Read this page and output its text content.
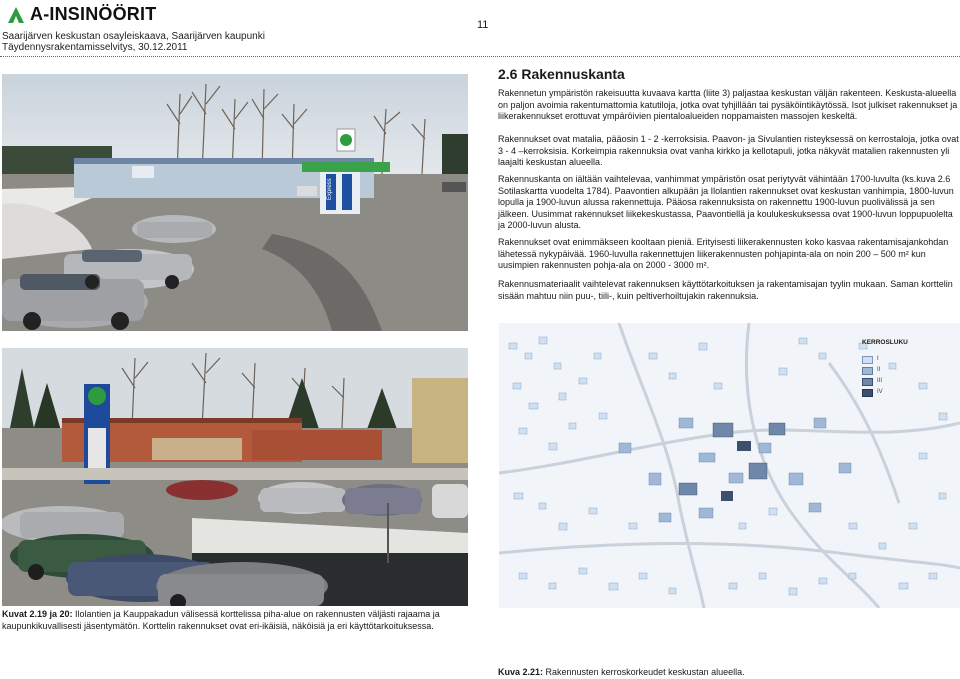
A-INSINÖÖRIT
Saarijärven keskustan osayleiskaava, Saarijärven kaupunki
Täydennysrakentamisselvitys, 30.12.2011
11
Express
2.6 Rakennuskanta

Rakennetun ympäristön rakeisuutta kuvaava kartta (liite 3) paljastaa keskustan väljän rakenteen. Keskusta-alueella on paljon avoimia rakentumattomia katutiloja, jotka ovat tyhjillään tai pysäköintikäytössä. Isot julkiset rakennukset ja liikerakennukset erottuvat ympäröivien pientaloalueiden noppamaisten massojen keskeltä.

Rakennukset ovat matalia, pääosin 1 - 2 -kerroksisia. Paavon- ja Sivulantien risteyksessä on kerrostaloja, jotka ovat 3 - 4 –kerroksisia. Korkeimpia rakennuksia ovat vanha kirkko ja kellotapuli, jotka näkyvät matalien rakennusten yli laajalti keskustan alueella.

Rakennuskanta on iältään vaihtelevaa, vanhimmat ympäristön osat periytyvät vähintään 1700-luvulta (ks.kuva 2.6 Sotilaskartta vuodelta 1784). Paavontien alkupään ja Ilolantien rakennukset ovat keskustan vanhimpia, 1800-luvun lopulla ja 1900-luvun alussa rakennettuja. Pääosa rakennuksista on rakennettu 1900-luvun puolivälissä ja sen jälkeen. Uusimmat rakennukset liikekeskustassa, Paavontiellä ja koulukeskuksessa ovat 1900-luvun loppupuolelta ja 2000-luvun alusta.

Rakennukset ovat enimmäkseen kooltaan pieniä. Erityisesti liikerakennusten koko kasvaa rakentamisajankohdan lähetessä nykypäivää. 1960-luvulla rakennettujen liikerakennusten pohjapinta-ala on noin 200 – 500 m² kun uusimpien rakennusten pohja-ala on 2000 - 3000 m².

Rakennusmateriaalit vaihtelevat rakennuksen käyttötarkoituksen ja rakentamisajan tyylin mukaan. Saman korttelin sisään mahtuu niin puu-, tiili-, kuin peltiverhoiltujakin rakennuksia.

KERROSLUKU
I
II
III
IV
Kuvat 2.19 ja 20: Ilolantien ja Kauppakadun välisessä korttelissa piha-alue on rakennusten väljästi rajaama ja kaupunkikuvallisesti jäsentymätön. Korttelin rakennukset ovat eri-ikäisiä, näköisiä ja eri käyttötarkoituksessa.
Kuva 2.21: Rakennusten kerroskorkeudet keskustan alueella.
